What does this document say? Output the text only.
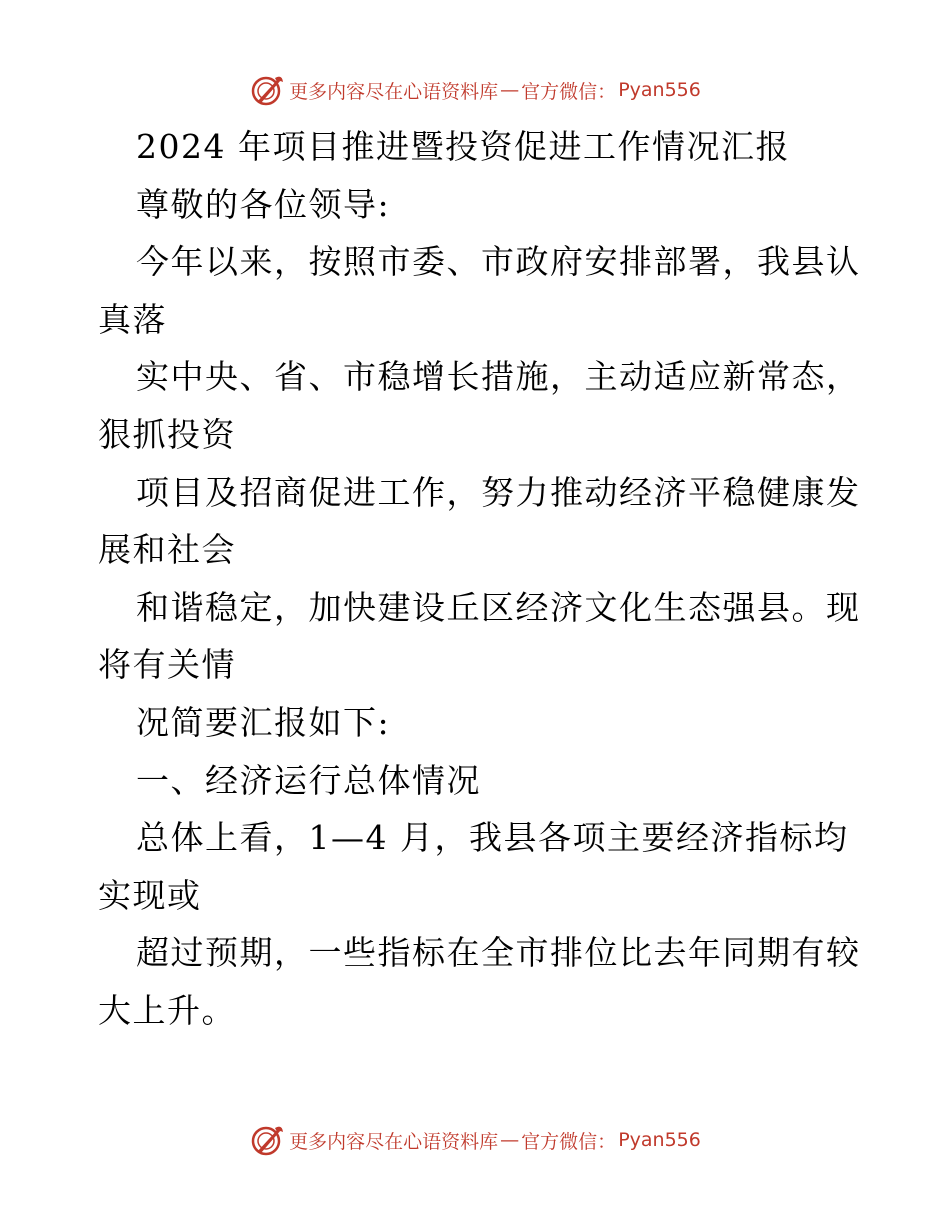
更多内容尽在心语资料库 — 官方微信： Pyan556
2024 年项目推进暨投资促进工作情况汇报
尊敬的各位领导:
今年以来，按照市委、市政府安排部署，我县认
真落
实中央、省、市稳增长措施，主动适应新常态，
狠抓投资
项目及招商促进工作，努力推动经济平稳健康发
展和社会
和谐稳定，加快建设丘区经济文化生态强县。现
将有关情
况简要汇报如下:
一、经济运行总体情况
总体上看，1—4 月，我县各项主要经济指标均
实现或
超过预期，一些指标在全市排位比去年同期有较
大上升。
更多内容尽在心语资料库 — 官方微信： Pyan556
